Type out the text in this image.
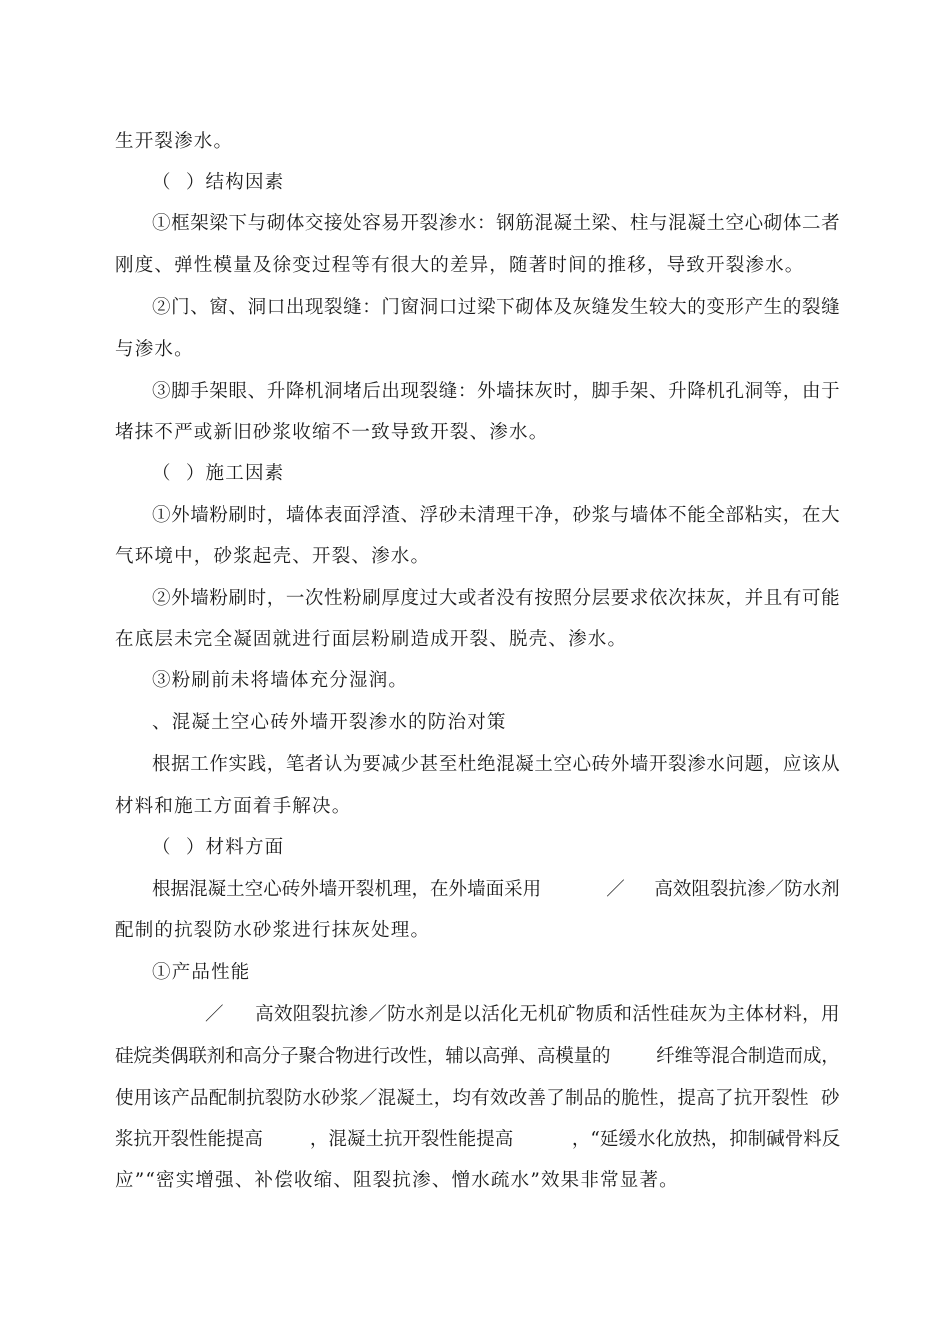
生开裂渗水。
（  ）结构因素
①框架梁下与砌体交接处容易开裂渗水：钢筋混凝土梁、柱与混凝土空心砌体二者
刚度、弹性模量及徐变过程等有很大的差异，随著时间的推移，导致开裂渗水。
②门、窗、洞口出现裂缝：门窗洞口过梁下砌体及灰缝发生较大的变形产生的裂缝
与渗水。
③脚手架眼、升降机洞堵后出现裂缝：外墙抹灰时，脚手架、升降机孔洞等，由于
堵抹不严或新旧砂浆收缩不一致导致开裂、渗水。
（  ）施工因素
①外墙粉刷时，墙体表面浮渣、浮砂未清理干净，砂浆与墙体不能全部粘实，在大
气环境中，砂浆起壳、开裂、渗水。
②外墙粉刷时，一次性粉刷厚度过大或者没有按照分层要求依次抹灰，并且有可能
在底层未完全凝固就进行面层粉刷造成开裂、脱壳、渗水。
③粉刷前未将墙体充分湿润。
、混凝土空心砖外墙开裂渗水的防治对策
根据工作实践，笔者认为要减少甚至杜绝混凝土空心砖外墙开裂渗水问题，应该从
材料和施工方面着手解决。
（  ）材料方面
根据混凝土空心砖外墙开裂机理，在外墙面采用           ／     高效阻裂抗渗／防水剂
配制的抗裂防水砂浆进行抹灰处理。
①产品性能
／     高效阻裂抗渗／防水剂是以活化无机矿物质和活性硅灰为主体材料，用
硅烷类偶联剂和高分子聚合物进行改性，辅以高弹、高模量的        纤维等混合制造而成，
使用该产品配制抗裂防水砂浆／混凝土，均有效改善了制品的脆性，提高了抗开裂性  砂
浆抗开裂性能提高        ，混凝土抗开裂性能提高          ，“延缓水化放热，抑制碱骨料反
应”“密实增强、补偿收缩、阻裂抗渗、憎水疏水”效果非常显著。
